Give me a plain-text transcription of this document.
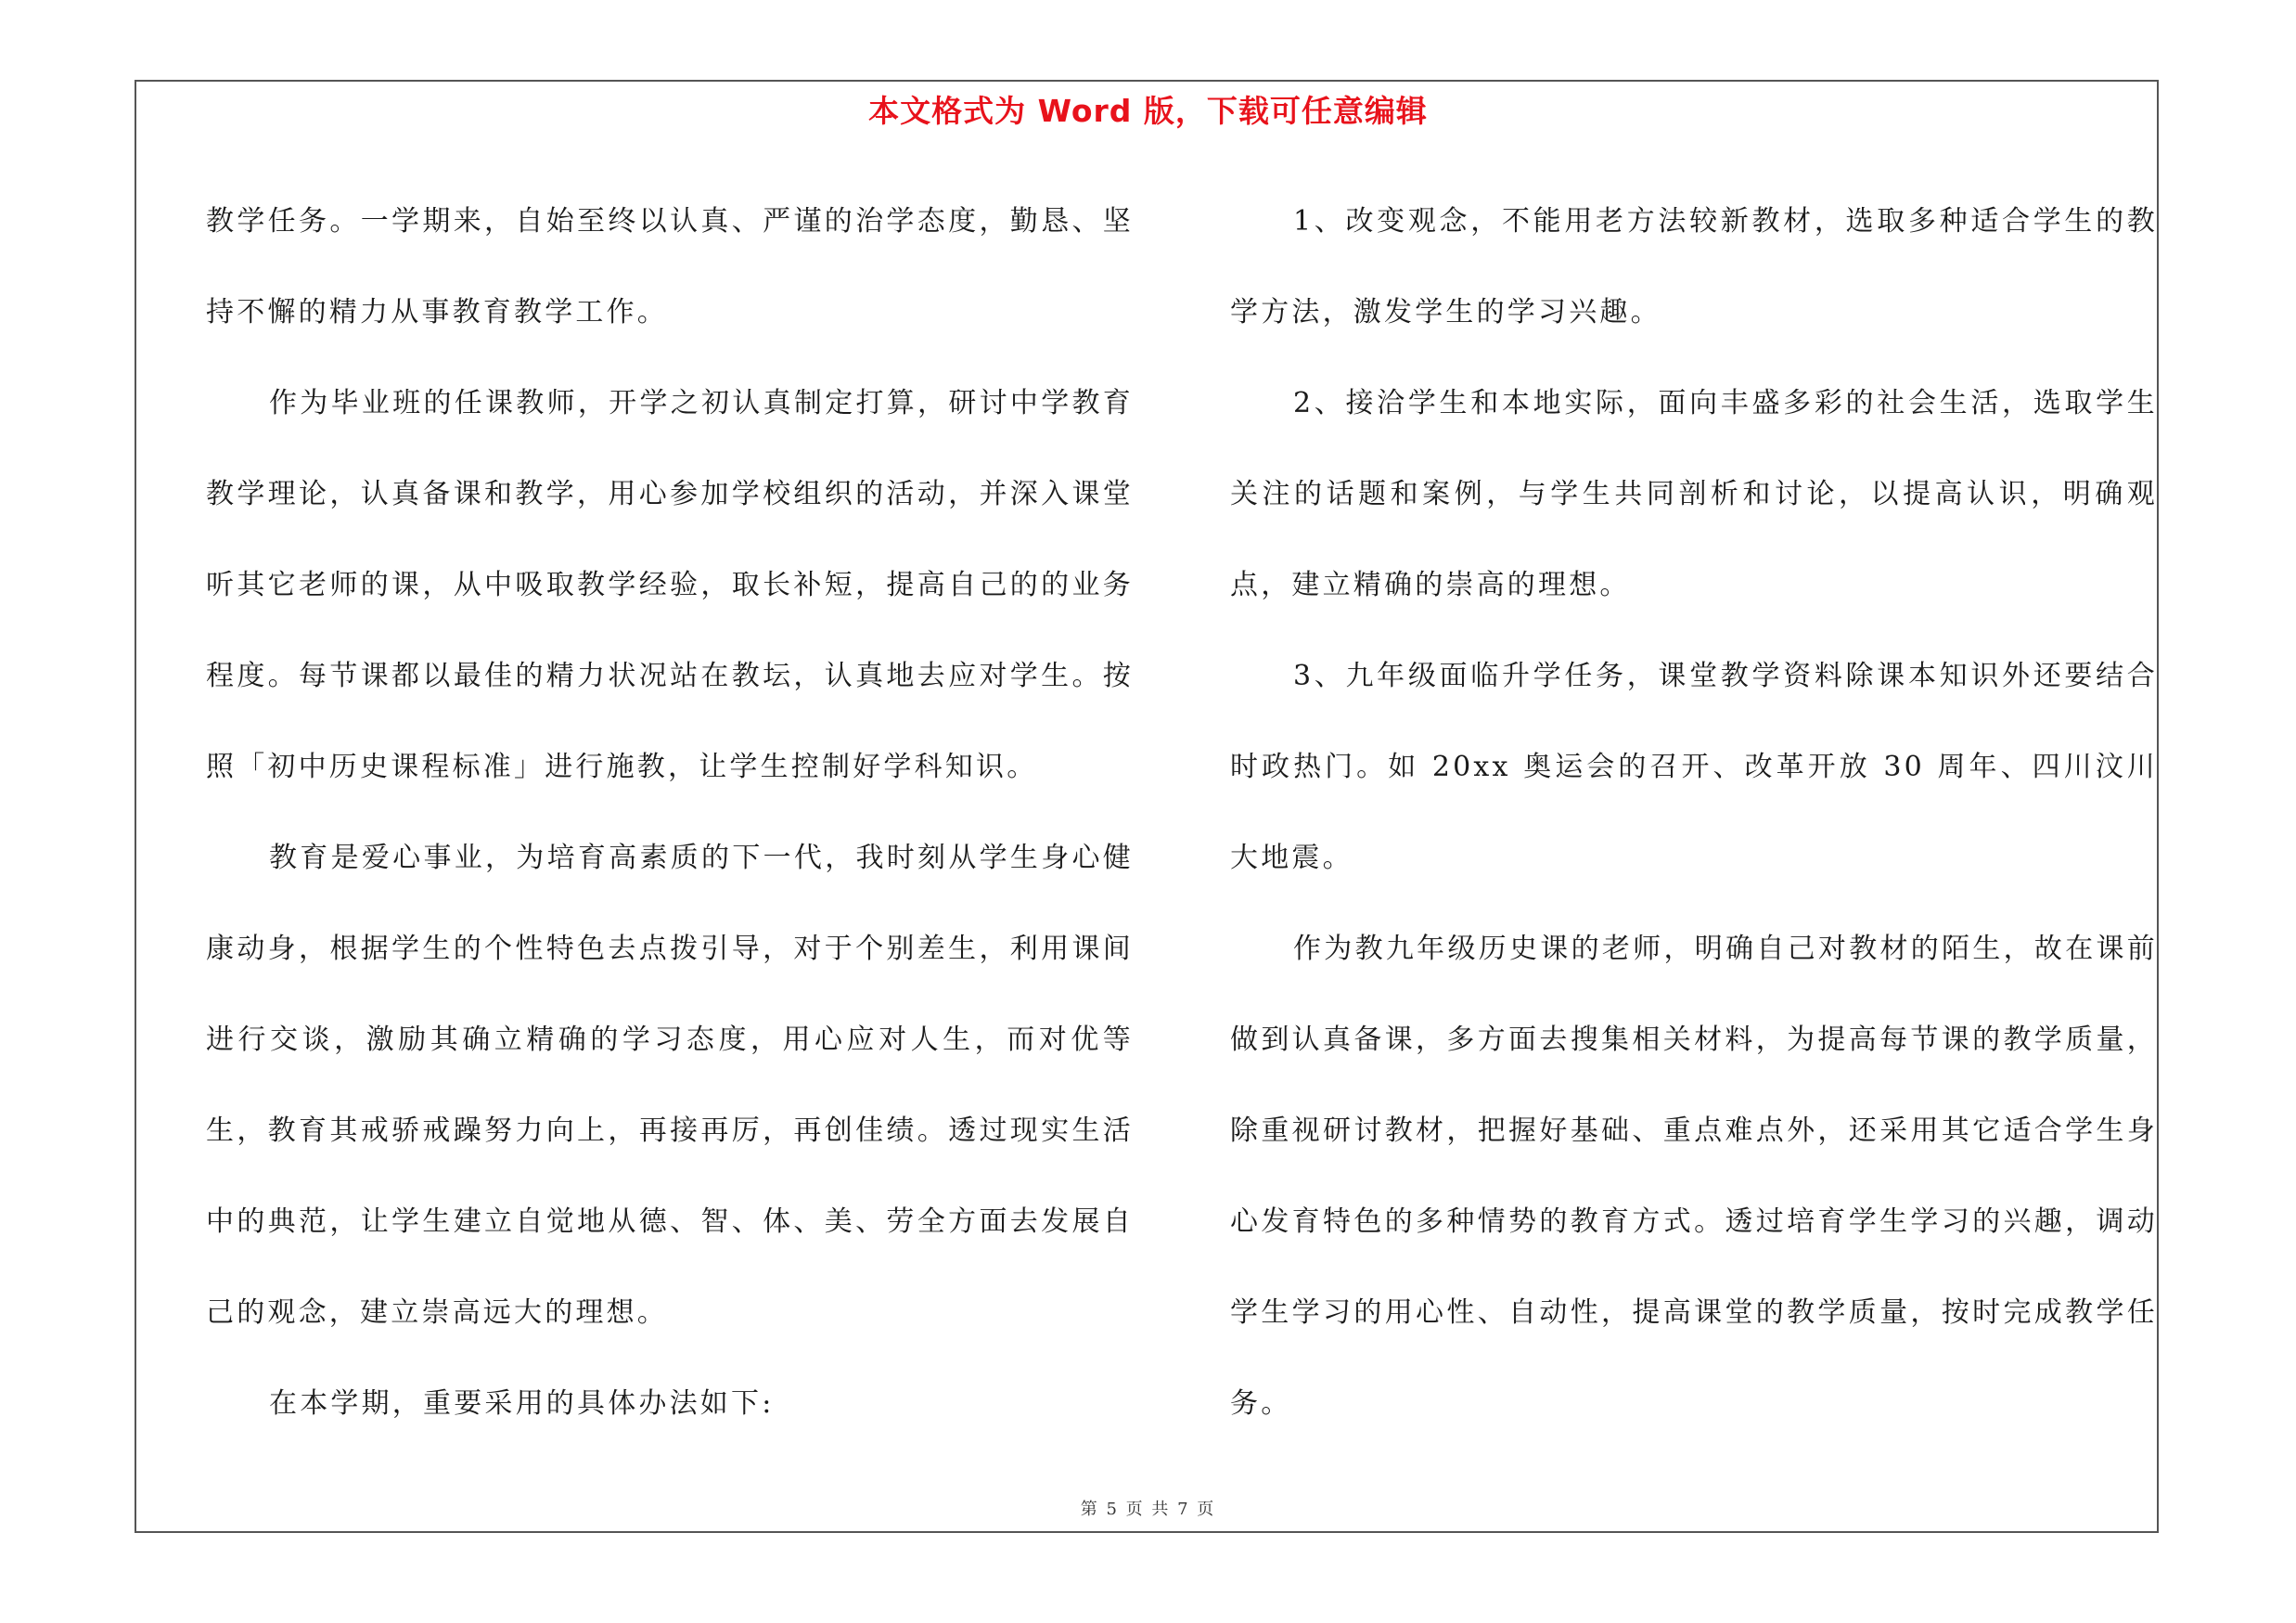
本文格式为 Word 版，下载可任意编辑

教学任务。一学期来，自始至终以认真、严谨的治学态度，勤恳、坚持不懈的精力从事教育教学工作。

作为毕业班的任课教师，开学之初认真制定打算，研讨中学教育教学理论，认真备课和教学，用心参加学校组织的活动，并深入课堂听其它老师的课，从中吸取教学经验，取长补短，提高自己的的业务程度。每节课都以最佳的精力状况站在教坛，认真地去应对学生。按照「初中历史课程标准」进行施教，让学生控制好学科知识。

教育是爱心事业，为培育高素质的下一代，我时刻从学生身心健康动身，根据学生的个性特色去点拨引导，对于个别差生，利用课间进行交谈，激励其确立精确的学习态度，用心应对人生，而对优等生，教育其戒骄戒躁努力向上，再接再厉，再创佳绩。透过现实生活中的典范，让学生建立自觉地从德、智、体、美、劳全方面去发展自己的观念，建立崇高远大的理想。

在本学期，重要采用的具体办法如下:

1、改变观念，不能用老方法较新教材，选取多种适合学生的教学方法，激发学生的学习兴趣。

2、接洽学生和本地实际，面向丰盛多彩的社会生活，选取学生关注的话题和案例，与学生共同剖析和讨论，以提高认识，明确观点，建立精确的崇高的理想。

3、九年级面临升学任务，课堂教学资料除课本知识外还要结合时政热门。如 20xx 奥运会的召开、改革开放 30 周年、四川汶川大地震。

作为教九年级历史课的老师，明确自己对教材的陌生，故在课前做到认真备课，多方面去搜集相关材料，为提高每节课的教学质量，除重视研讨教材，把握好基础、重点难点外，还采用其它适合学生身心发育特色的多种情势的教育方式。透过培育学生学习的兴趣，调动学生学习的用心性、自动性，提高课堂的教学质量，按时完成教学任务。

第 5 页 共 7 页
